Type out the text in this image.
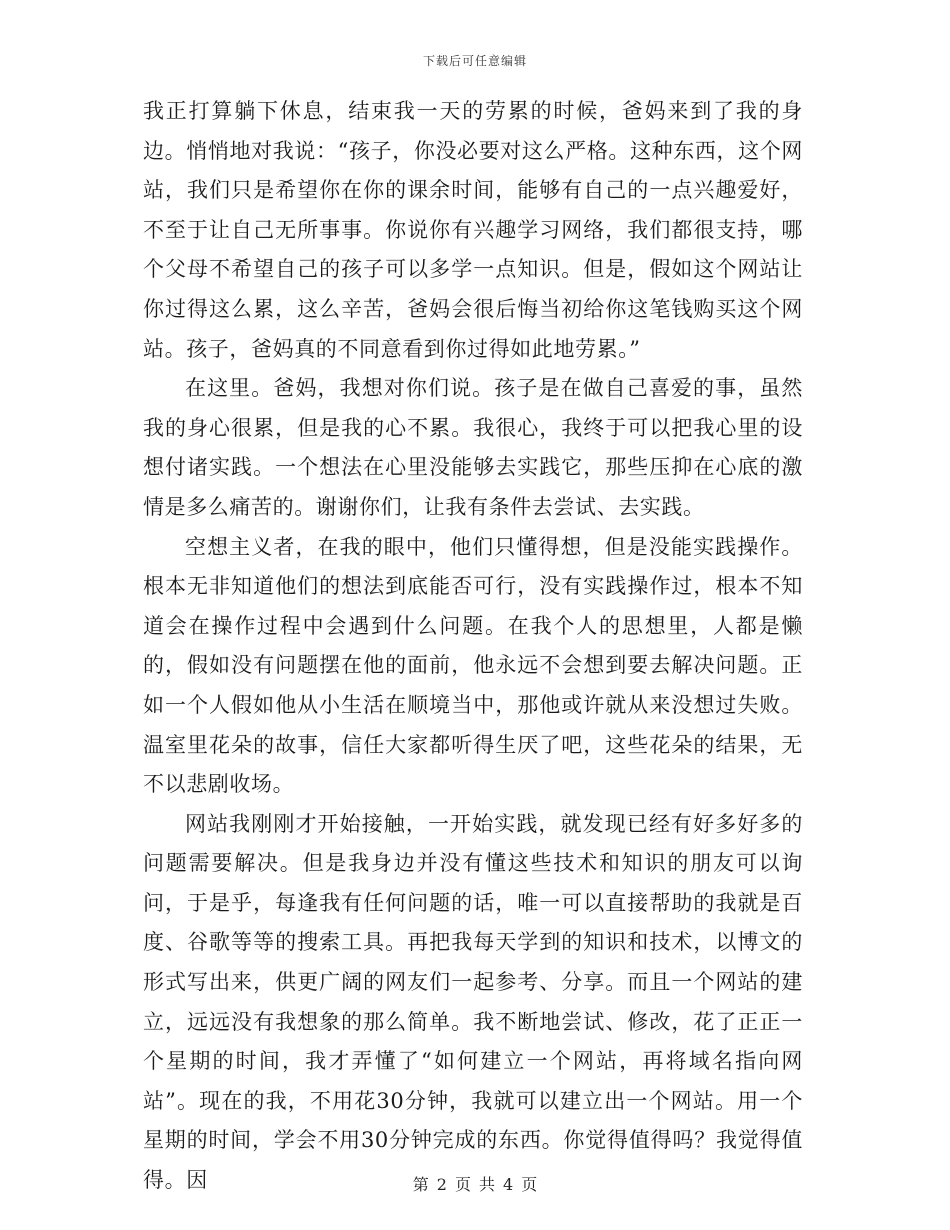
下载后可任意编辑

我正打算躺下休息，结束我一天的劳累的时候，爸妈来到了我的身边。悄悄地对我说：“孩子，你没必要对这么严格。这种东西，这个网站，我们只是希望你在你的课余时间，能够有自己的一点兴趣爱好，不至于让自己无所事事。你说你有兴趣学习网络，我们都很支持，哪个父母不希望自己的孩子可以多学一点知识。但是，假如这个网站让你过得这么累，这么辛苦，爸妈会很后悔当初给你这笔钱购买这个网站。孩子，爸妈真的不同意看到你过得如此地劳累。”

在这里。爸妈，我想对你们说。孩子是在做自己喜爱的事，虽然我的身心很累，但是我的心不累。我很心，我终于可以把我心里的设想付诸实践。一个想法在心里没能够去实践它，那些压抑在心底的激情是多么痛苦的。谢谢你们，让我有条件去尝试、去实践。

空想主义者，在我的眼中，他们只懂得想，但是没能实践操作。根本无非知道他们的想法到底能否可行，没有实践操作过，根本不知道会在操作过程中会遇到什么问题。在我个人的思想里，人都是懒的，假如没有问题摆在他的面前，他永远不会想到要去解决问题。正如一个人假如他从小生活在顺境当中，那他或许就从来没想过失败。温室里花朵的故事，信任大家都听得生厌了吧，这些花朵的结果，无不以悲剧收场。

网站我刚刚才开始接触，一开始实践，就发现已经有好多好多的问题需要解决。但是我身边并没有懂这些技术和知识的朋友可以询问，于是乎，每逢我有任何问题的话，唯一可以直接帮助的我就是百度、谷歌等等的搜索工具。再把我每天学到的知识和技术，以博文的形式写出来，供更广阔的网友们一起参考、分享。而且一个网站的建立，远远没有我想象的那么简单。我不断地尝试、修改，花了正正一个星期的时间，我才弄懂了“如何建立一个网站，再将域名指向网站”。现在的我，不用花30分钟，我就可以建立出一个网站。用一个星期的时间，学会不用30分钟完成的东西。你觉得值得吗？我觉得值得。因	第 2 页 共 4 页
